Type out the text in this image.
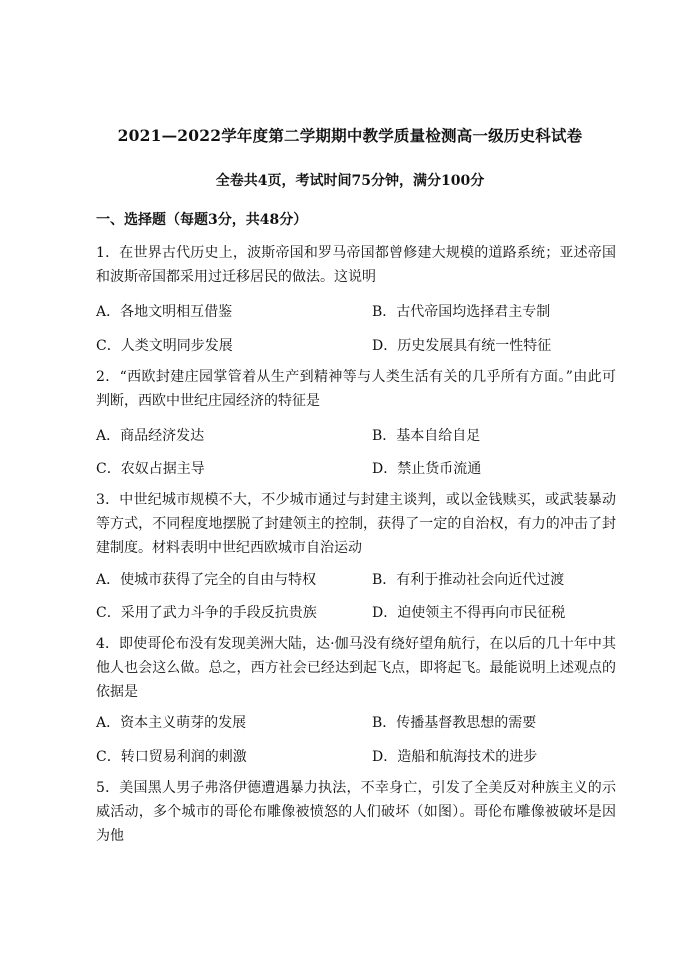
2021—2022学年度第二学期期中教学质量检测高一级历史科试卷
全卷共4页，考试时间75分钟，满分100分
一、选择题（每题3分，共48分）
1．在世界古代历史上，波斯帝国和罗马帝国都曾修建大规模的道路系统；亚述帝国和波斯帝国都采用过迁移居民的做法。这说明
A．各地文明相互借鉴	B．古代帝国均选择君主专制
C．人类文明同步发展	D．历史发展具有统一性特征
2．“西欧封建庄园掌管着从生产到精神等与人类生活有关的几乎所有方面。”由此可判断，西欧中世纪庄园经济的特征是
A．商品经济发达	B．基本自给自足
C．农奴占据主导	D．禁止货币流通
3．中世纪城市规模不大，不少城市通过与封建主谈判，或以金钱赎买，或武装暴动等方式，不同程度地摆脱了封建领主的控制，获得了一定的自治权，有力的冲击了封建制度。材料表明中世纪西欧城市自治运动
A．使城市获得了完全的自由与特权	B．有利于推动社会向近代过渡
C．采用了武力斗争的手段反抗贵族	D．迫使领主不得再向市民征税
4．即使哥伦布没有发现美洲大陆，达·伽马没有绕好望角航行，在以后的几十年中其他人也会这么做。总之，西方社会已经达到起飞点，即将起飞。最能说明上述观点的依据是
A．资本主义萌芽的发展	B．传播基督教思想的需要
C．转口贸易利润的刺激	D．造船和航海技术的进步
5．美国黑人男子弗洛伊德遭遇暴力执法，不幸身亡，引发了全美反对种族主义的示威活动，多个城市的哥伦布雕像被愤怒的人们破坏（如图）。哥伦布雕像被破坏是因为他
